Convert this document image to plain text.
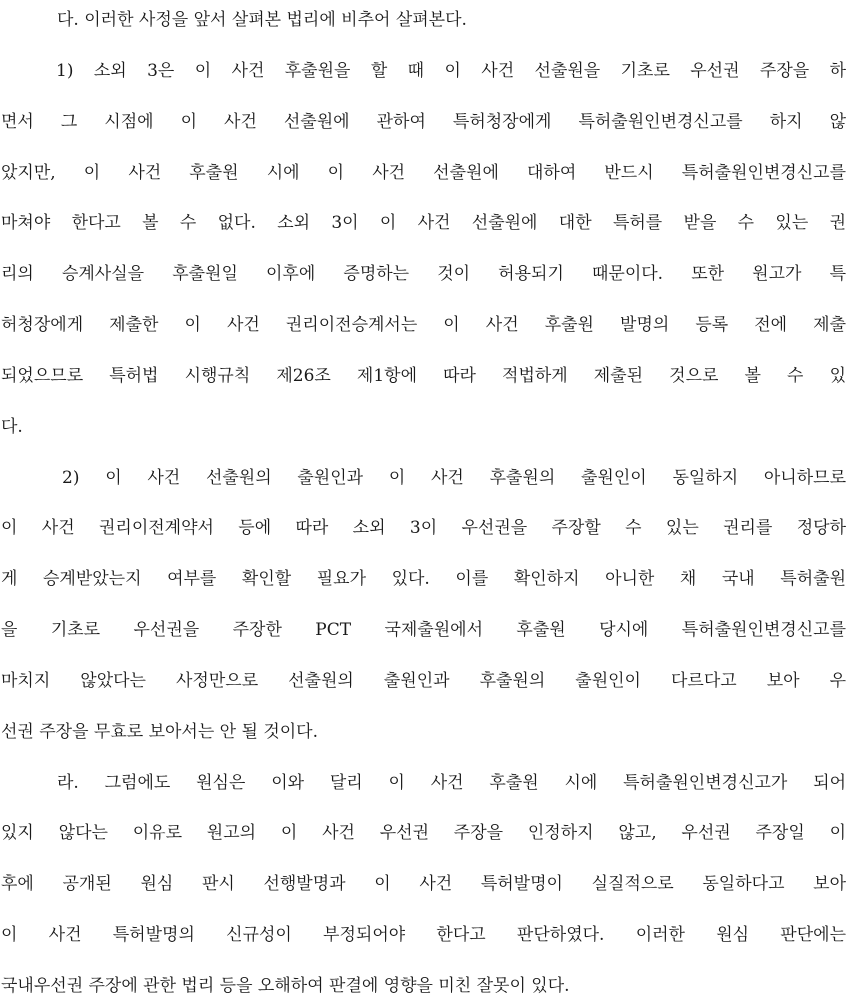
다. 이러한 사정을 앞서 살펴본 법리에 비추어 살펴본다.
1) 소외 3은 이 사건 후출원을 할 때 이 사건 선출원을 기초로 우선권 주장을 하
면서 그 시점에 이 사건 선출원에 관하여 특허청장에게 특허출원인변경신고를 하지 않
았지만, 이 사건 후출원 시에 이 사건 선출원에 대하여 반드시 특허출원인변경신고를
마쳐야 한다고 볼 수 없다. 소외 3이 이 사건 선출원에 대한 특허를 받을 수 있는 권
리의 승계사실을 후출원일 이후에 증명하는 것이 허용되기 때문이다. 또한 원고가 특
허청장에게 제출한 이 사건 권리이전승계서는 이 사건 후출원 발명의 등록 전에 제출
되었으므로 특허법 시행규칙 제26조 제1항에 따라 적법하게 제출된 것으로 볼 수 있
다.
2) 이 사건 선출원의 출원인과 이 사건 후출원의 출원인이 동일하지 아니하므로
이 사건 권리이전계약서 등에 따라 소외 3이 우선권을 주장할 수 있는 권리를 정당하
게 승계받았는지 여부를 확인할 필요가 있다. 이를 확인하지 아니한 채 국내 특허출원
을 기초로 우선권을 주장한 PCT 국제출원에서 후출원 당시에 특허출원인변경신고를
마치지 않았다는 사정만으로 선출원의 출원인과 후출원의 출원인이 다르다고 보아 우
선권 주장을 무효로 보아서는 안 될 것이다.
라. 그럼에도 원심은 이와 달리 이 사건 후출원 시에 특허출원인변경신고가 되어
있지 않다는 이유로 원고의 이 사건 우선권 주장을 인정하지 않고, 우선권 주장일 이
후에 공개된 원심 판시 선행발명과 이 사건 특허발명이 실질적으로 동일하다고 보아
이 사건 특허발명의 신규성이 부정되어야 한다고 판단하였다. 이러한 원심 판단에는
국내우선권 주장에 관한 법리 등을 오해하여 판결에 영향을 미친 잘못이 있다.
